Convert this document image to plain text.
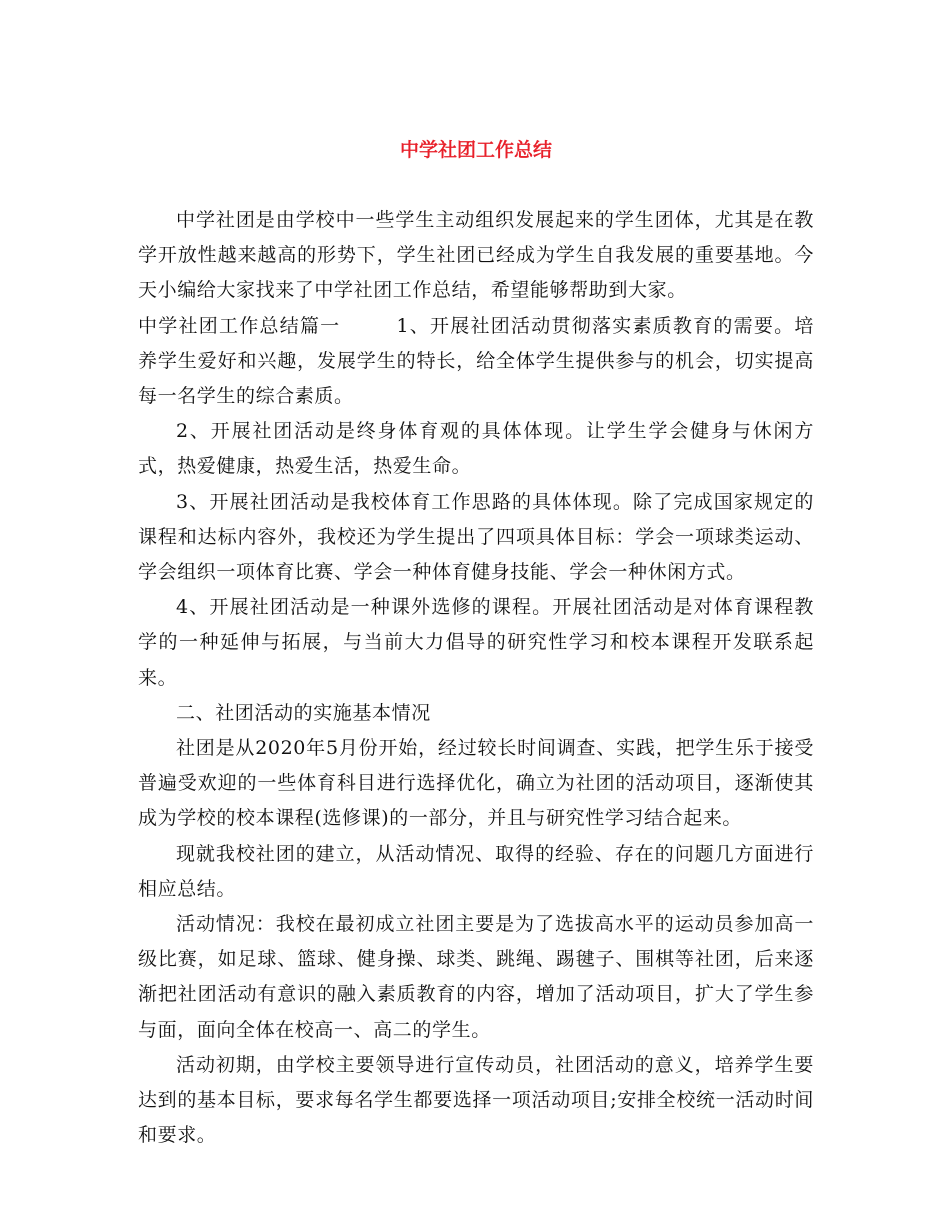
中学社团工作总结

中学社团是由学校中一些学生主动组织发展起来的学生团体，尤其是在教学开放性越来越高的形势下，学生社团已经成为学生自我发展的重要基地。今天小编给大家找来了中学社团工作总结，希望能够帮助到大家。

中学社团工作总结篇一	1、开展社团活动贯彻落实素质教育的需要。培养学生爱好和兴趣，发展学生的特长，给全体学生提供参与的机会，切实提高每一名学生的综合素质。

2、开展社团活动是终身体育观的具体体现。让学生学会健身与休闲方式，热爱健康，热爱生活，热爱生命。

3、开展社团活动是我校体育工作思路的具体体现。除了完成国家规定的课程和达标内容外，我校还为学生提出了四项具体目标：学会一项球类运动、学会组织一项体育比赛、学会一种体育健身技能、学会一种休闲方式。

4、开展社团活动是一种课外选修的课程。开展社团活动是对体育课程教学的一种延伸与拓展，与当前大力倡导的研究性学习和校本课程开发联系起来。

二、社团活动的实施基本情况

社团是从2020年5月份开始，经过较长时间调查、实践，把学生乐于接受普遍受欢迎的一些体育科目进行选择优化，确立为社团的活动项目，逐渐使其成为学校的校本课程(选修课)的一部分，并且与研究性学习结合起来。

现就我校社团的建立，从活动情况、取得的经验、存在的问题几方面进行相应总结。

活动情况：我校在最初成立社团主要是为了选拔高水平的运动员参加高一级比赛，如足球、篮球、健身操、球类、跳绳、踢毽子、围棋等社团，后来逐渐把社团活动有意识的融入素质教育的内容，增加了活动项目，扩大了学生参与面，面向全体在校高一、高二的学生。

活动初期，由学校主要领导进行宣传动员，社团活动的意义，培养学生要达到的基本目标，要求每名学生都要选择一项活动项目;安排全校统一活动时间和要求。
